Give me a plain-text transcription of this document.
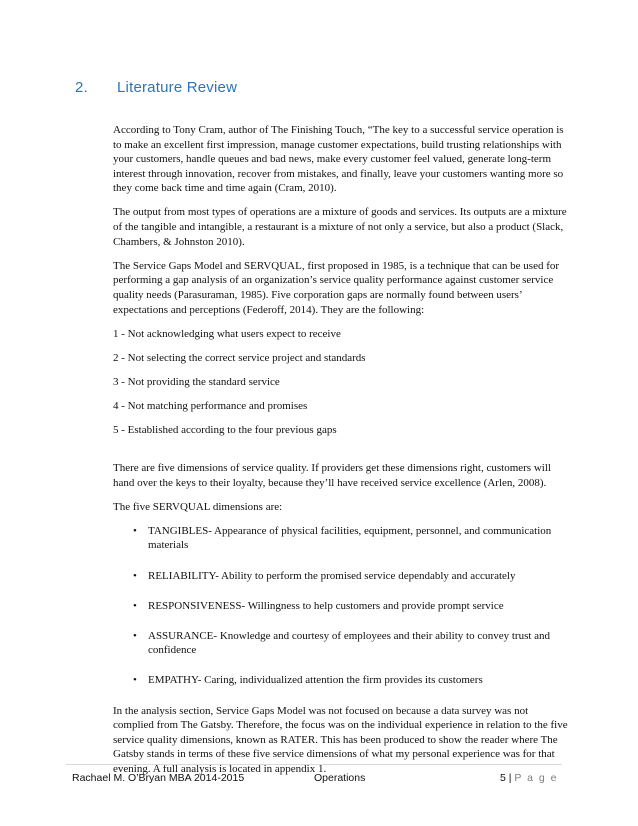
2. Literature Review

According to Tony Cram, author of The Finishing Touch, “The key to a successful service operation is to make an excellent first impression, manage customer expectations, build trusting relationships with your customers, handle queues and bad news, make every customer feel valued, generate long-term interest through innovation, recover from mistakes, and finally, leave your customers wanting more so they come back time and time again (Cram, 2010).

The output from most types of operations are a mixture of goods and services. Its outputs are a mixture of the tangible and intangible, a restaurant is a mixture of not only a service, but also a product (Slack, Chambers, & Johnston 2010).

The Service Gaps Model and SERVQUAL, first proposed in 1985, is a technique that can be used for performing a gap analysis of an organization’s service quality performance against customer service quality needs (Parasuraman, 1985). Five corporation gaps are normally found between users’ expectations and perceptions (Federoff, 2014). They are the following:

1 - Not acknowledging what users expect to receive
2 - Not selecting the correct service project and standards
3 - Not providing the standard service
4 - Not matching performance and promises
5 - Established according to the four previous gaps

There are five dimensions of service quality. If providers get these dimensions right, customers will hand over the keys to their loyalty, because they’ll have received service excellence (Arlen, 2008).

The five SERVQUAL dimensions are:

• TANGIBLES- Appearance of physical facilities, equipment, personnel, and communication materials
• RELIABILITY- Ability to perform the promised service dependably and accurately
• RESPONSIVENESS- Willingness to help customers and provide prompt service
• ASSURANCE- Knowledge and courtesy of employees and their ability to convey trust and confidence
• EMPATHY- Caring, individualized attention the firm provides its customers

In the analysis section, Service Gaps Model was not focused on because a data survey was not complied from The Gatsby. Therefore, the focus was on the individual experience in relation to the five service quality dimensions, known as RATER. This has been produced to show the reader where The Gatsby stands in terms of these five service dimensions of what my personal experience was for that evening. A full analysis is located in appendix 1.

Rachael M. O’Bryan MBA 2014-2015	Operations	5 | P a g e
